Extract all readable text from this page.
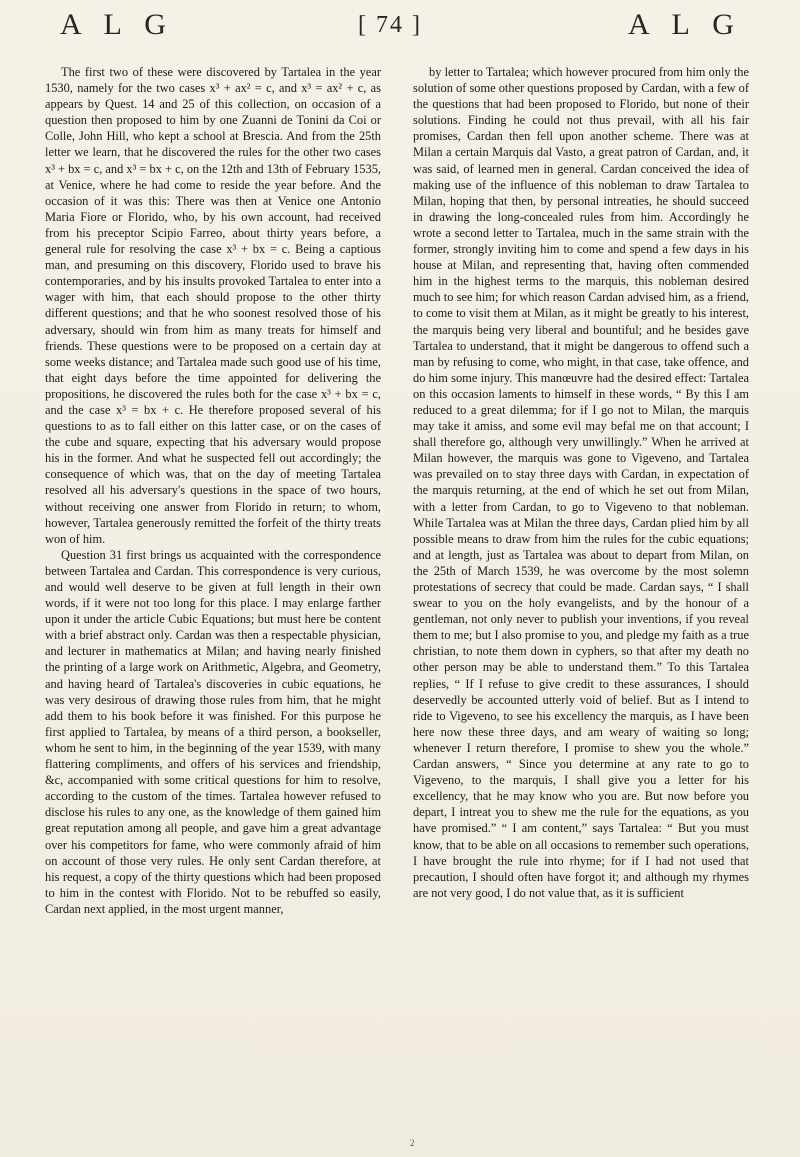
A L G	[ 74 ]	A L G

The first two of these were discovered by Tartalea in the year 1530, namely for the two cases x³ + ax² = c, and x³ = ax² + c, as appears by Quest. 14 and 25 of this collection, on occasion of a question then proposed to him by one Zuanni de Tonini da Coi or Colle, John Hill, who kept a school at Brescia. And from the 25th letter we learn, that he discovered the rules for the other two cases x³ + bx = c, and x³ = bx + c, on the 12th and 13th of February 1535, at Venice, where he had come to reside the year before. And the occasion of it was this: There was then at Venice one Antonio Maria Fiore or Florido, who, by his own account, had received from his preceptor Scipio Farreo, about thirty years before, a general rule for resolving the case x³ + bx = c. Being a captious man, and presuming on this discovery, Florido used to brave his contemporaries, and by his insults provoked Tartalea to enter into a wager with him, that each should propose to the other thirty different questions; and that he who soonest resolved those of his adversary, should win from him as many treats for himself and friends. These questions were to be proposed on a certain day at some weeks distance; and Tartalea made such good use of his time, that eight days before the time appointed for delivering the propositions, he discovered the rules both for the case x³ + bx = c, and the case x³ = bx + c. He therefore proposed several of his questions to as to fall either on this latter case, or on the cases of the cube and square, expecting that his adversary would propose his in the former. And what he suspected fell out accordingly; the consequence of which was, that on the day of meeting Tartalea resolved all his adversary's questions in the space of two hours, without receiving one answer from Florido in return; to whom, however, Tartalea generously remitted the forfeit of the thirty treats won of him.

Question 31 first brings us acquainted with the correspondence between Tartalea and Cardan. This correspondence is very curious, and would well deserve to be given at full length in their own words, if it were not too long for this place. I may enlarge farther upon it under the article Cubic Equations; but must here be content with a brief abstract only. Cardan was then a respectable physician, and lecturer in mathematics at Milan; and having nearly finished the printing of a large work on Arithmetic, Algebra, and Geometry, and having heard of Tartalea's discoveries in cubic equations, he was very desirous of drawing those rules from him, that he might add them to his book before it was finished. For this purpose he first applied to Tartalea, by means of a third person, a bookseller, whom he sent to him, in the beginning of the year 1539, with many flattering compliments, and offers of his services and friendship, &c, accompanied with some critical questions for him to resolve, according to the custom of the times. Tartalea however refused to disclose his rules to any one, as the knowledge of them gained him great reputation among all people, and gave him a great advantage over his competitors for fame, who were commonly afraid of him on account of those very rules. He only sent Cardan therefore, at his request, a copy of the thirty questions which had been proposed to him in the contest with Florido. Not to be rebuffed so easily, Cardan next applied, in the most urgent manner,

by letter to Tartalea; which however procured from him only the solution of some other questions proposed by Cardan, with a few of the questions that had been proposed to Florido, but none of their solutions. Finding he could not thus prevail, with all his fair promises, Cardan then fell upon another scheme. There was at Milan a certain Marquis dal Vasto, a great patron of Cardan, and, it was said, of learned men in general. Cardan conceived the idea of making use of the influence of this nobleman to draw Tartalea to Milan, hoping that then, by personal intreaties, he should succeed in drawing the long-concealed rules from him. Accordingly he wrote a second letter to Tartalea, much in the same strain with the former, strongly inviting him to come and spend a few days in his house at Milan, and representing that, having often commended him in the highest terms to the marquis, this nobleman desired much to see him; for which reason Cardan advised him, as a friend, to come to visit them at Milan, as it might be greatly to his interest, the marquis being very liberal and bountiful; and he besides gave Tartalea to understand, that it might be dangerous to offend such a man by refusing to come, who might, in that case, take offence, and do him some injury. This manœuvre had the desired effect: Tartalea on this occasion laments to himself in these words, “ By this I am reduced to a great dilemma; for if I go not to Milan, the marquis may take it amiss, and some evil may befal me on that account; I shall therefore go, although very unwillingly.” When he arrived at Milan however, the marquis was gone to Vigeveno, and Tartalea was prevailed on to stay three days with Cardan, in expectation of the marquis returning, at the end of which he set out from Milan, with a letter from Cardan, to go to Vigeveno to that nobleman. While Tartalea was at Milan the three days, Cardan plied him by all possible means to draw from him the rules for the cubic equations; and at length, just as Tartalea was about to depart from Milan, on the 25th of March 1539, he was overcome by the most solemn protestations of secrecy that could be made. Cardan says, “ I shall swear to you on the holy evangelists, and by the honour of a gentleman, not only never to publish your inventions, if you reveal them to me; but I also promise to you, and pledge my faith as a true christian, to note them down in cyphers, so that after my death no other person may be able to understand them.” To this Tartalea replies, “ If I refuse to give credit to these assurances, I should deservedly be accounted utterly void of belief. But as I intend to ride to Vigeveno, to see his excellency the marquis, as I have been here now these three days, and am weary of waiting so long; whenever I return therefore, I promise to shew you the whole.” Cardan answers, “ Since you determine at any rate to go to Vigeveno, to the marquis, I shall give you a letter for his excellency, that he may know who you are. But now before you depart, I intreat you to shew me the rule for the equations, as you have promised.” “ I am content,” says Tartalea: “ But you must know, that to be able on all occasions to remember such operations, I have brought the rule into rhyme; for if I had not used that precaution, I should often have forgot it; and although my rhymes are not very good, I do not value that, as it is sufficient

2
